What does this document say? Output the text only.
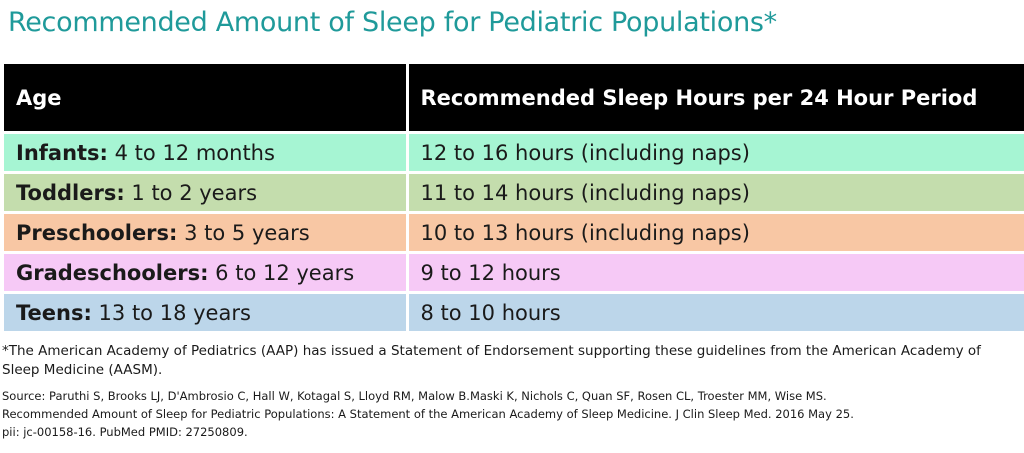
Recommended Amount of Sleep for Pediatric Populations*
Age	Recommended Sleep Hours per 24 Hour Period
Infants: 4 to 12 months	12 to 16 hours (including naps)
Toddlers: 1 to 2 years	11 to 14 hours (including naps)
Preschoolers: 3 to 5 years	10 to 13 hours (including naps)
Gradeschoolers: 6 to 12 years	9 to 12 hours
Teens: 13 to 18 years	8 to 10 hours
*The American Academy of Pediatrics (AAP) has issued a Statement of Endorsement supporting these guidelines from the American Academy of Sleep Medicine (AASM).
Source: Paruthi S, Brooks LJ, D'Ambrosio C, Hall W, Kotagal S, Lloyd RM, Malow B.Maski K, Nichols C, Quan SF, Rosen CL, Troester MM, Wise MS.
Recommended Amount of Sleep for Pediatric Populations: A Statement of the American Academy of Sleep Medicine. J Clin Sleep Med. 2016 May 25.
pii: jc-00158-16. PubMed PMID: 27250809.
